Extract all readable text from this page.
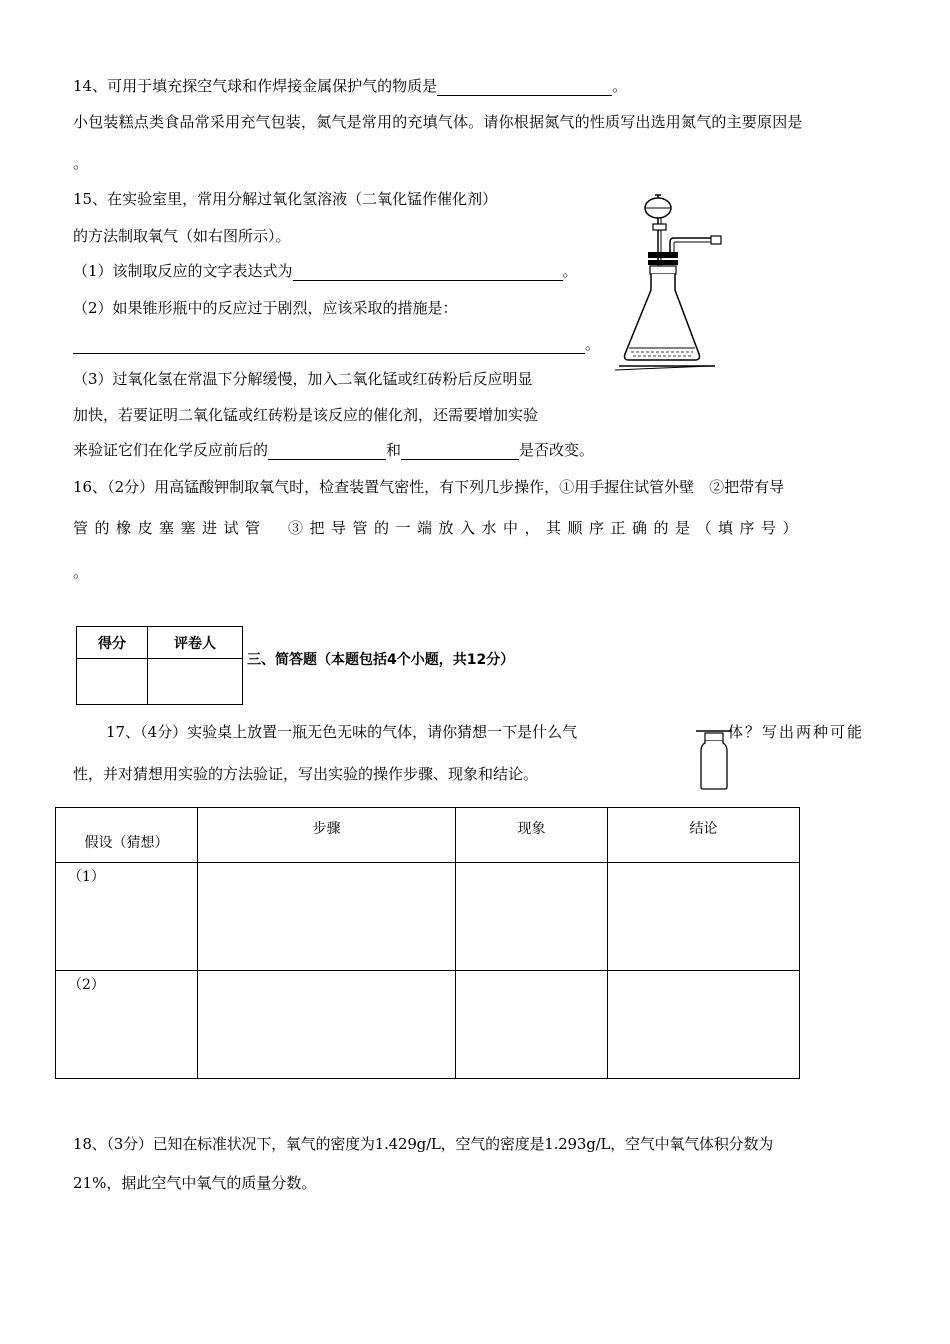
14、可用于填充探空气球和作焊接金属保护气的物质是	。
小包装糕点类食品常采用充气包装，氮气是常用的充填气体。请你根据氮气的性质写出选用氮气的主要原因是
。
15、在实验室里，常用分解过氧化氢溶液（二氧化锰作催化剂）
的方法制取氧气（如右图所示）。
（1）该制取反应的文字表达式为	。
（2）如果锥形瓶中的反应过于剧烈，应该采取的措施是：
。
（3）过氧化氢在常温下分解缓慢，加入二氧化锰或红砖粉后反应明显
加快，若要证明二氧化锰或红砖粉是该反应的催化剂，还需要增加实验
来验证它们在化学反应前后的	和	是否改变。
16、（2分）用高锰酸钾制取氧气时，检查装置气密性，有下列几步操作，①用手握住试管外壁　②把带有导
管的橡皮塞塞进试管　③把导管的一端放入水中，其顺序正确的是（填序号）
。
得分	评卷人

三、简答题（本题包括4个小题，共12分）
17、（4分）实验桌上放置一瓶无色无味的气体，请你猜想一下是什么气	体？写出两种可能
性，并对猜想用实验的方法验证，写出实验的操作步骤、现象和结论。
假设（猜想）	步骤	现象	结论
（1）			
（2）			
18、（3分）已知在标准状况下，氧气的密度为1.429g/L，空气的密度是1.293g/L，空气中氧气体积分数为
21%，据此空气中氧气的质量分数。
